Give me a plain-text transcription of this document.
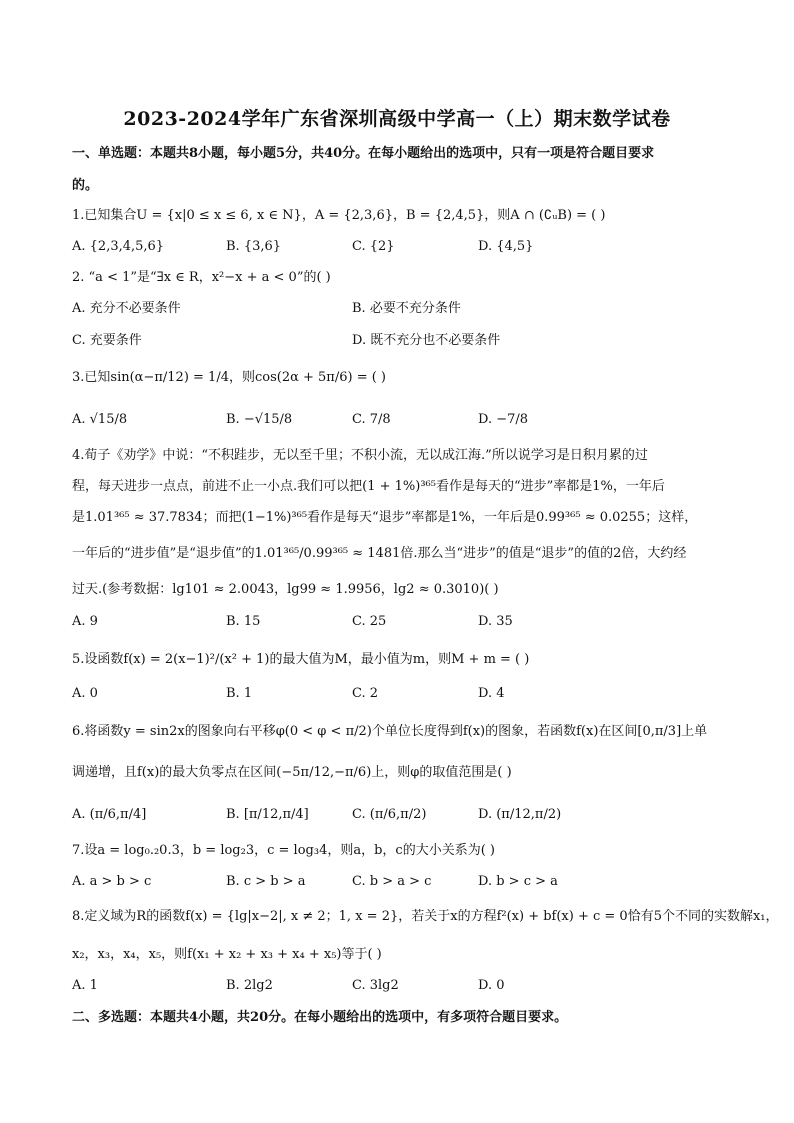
2023-2024学年广东省深圳高级中学高一（上）期末数学试卷
一、单选题：本题共8小题，每小题5分，共40分。在每小题给出的选项中，只有一项是符合题目要求
的。
1.已知集合U = {x|0 ≤ x ≤ 6, x ∈ N}，A = {2,3,6}，B = {2,4,5}，则A ∩ (∁ᵤB) = ( )
A. {2,3,4,5,6}	B. {3,6}	C. {2}	D. {4,5}
2. “a < 1”是“∃x ∈ R，x²−x + a < 0”的( )
A. 充分不必要条件	B. 必要不充分条件
C. 充要条件	D. 既不充分也不必要条件
3.已知sin(α−π/12) = 1/4，则cos(2α + 5π/6) = ( )
A. √15/8	B. −√15/8	C. 7/8	D. −7/8
4.荀子《劝学》中说：“不积跬步，无以至千里；不积小流，无以成江海.”所以说学习是日积月累的过
程，每天进步一点点，前进不止一小点.我们可以把(1 + 1%)³⁶⁵看作是每天的“进步”率都是1%，一年后
是1.01³⁶⁵ ≈ 37.7834；而把(1−1%)³⁶⁵看作是每天“退步”率都是1%，一年后是0.99³⁶⁵ ≈ 0.0255；这样，
一年后的“进步值”是“退步值”的1.01³⁶⁵/0.99³⁶⁵ ≈ 1481倍.那么当“进步”的值是“退步”的值的2倍，大约经
过天.(参考数据：lg101 ≈ 2.0043，lg99 ≈ 1.9956，lg2 ≈ 0.3010)( )
A. 9	B. 15	C. 25	D. 35
5.设函数f(x) = 2(x−1)²/(x² + 1)的最大值为M，最小值为m，则M + m = ( )
A. 0	B. 1	C. 2	D. 4
6.将函数y = sin2x的图象向右平移φ(0 < φ < π/2)个单位长度得到f(x)的图象，若函数f(x)在区间[0,π/3]上单
调递增，且f(x)的最大负零点在区间(−5π/12,−π/6)上，则φ的取值范围是( )
A. (π/6,π/4]	B. [π/12,π/4]	C. (π/6,π/2)	D. (π/12,π/2)
7.设a = log₀.₂0.3，b = log₂3，c = log₃4，则a，b，c的大小关系为( )
A. a > b > c	B. c > b > a	C. b > a > c	D. b > c > a
8.定义域为R的函数f(x) = {lg|x−2|, x ≠ 2；1, x = 2}，若关于x的方程f²(x) + bf(x) + c = 0恰有5个不同的实数解x₁，
x₂，x₃，x₄，x₅，则f(x₁ + x₂ + x₃ + x₄ + x₅)等于( )
A. 1	B. 2lg2	C. 3lg2	D. 0
二、多选题：本题共4小题，共20分。在每小题给出的选项中，有多项符合题目要求。
